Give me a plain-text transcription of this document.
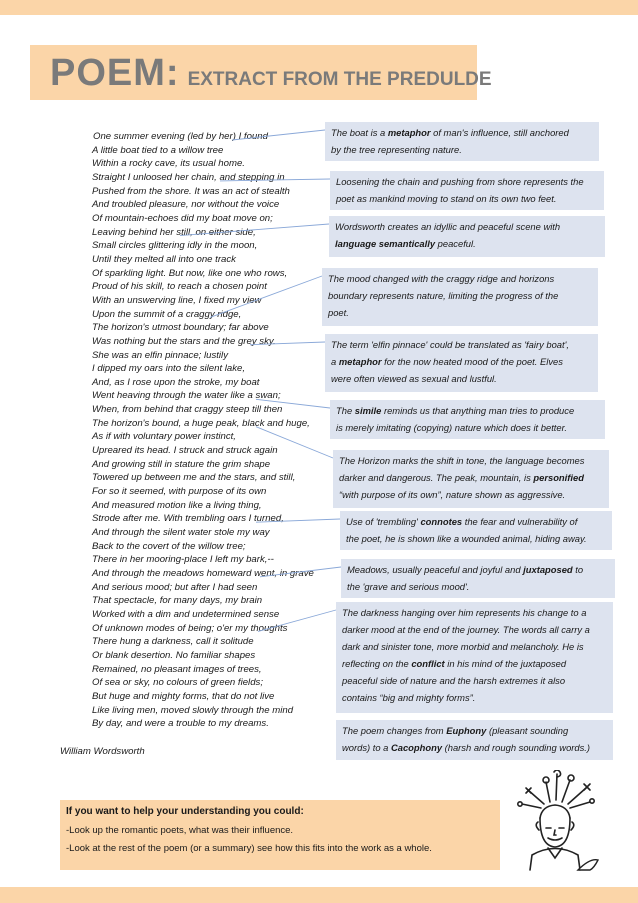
POEM: EXTRACT FROM THE PREDULDE
One summer evening (led by her) I found
A little boat tied to a willow tree
Within a rocky cave, its usual home.
Straight I unloosed her chain, and stepping in
Pushed from the shore. It was an act of stealth
And troubled pleasure, nor without the voice
Of mountain-echoes did my boat move on;
Leaving behind her still, on either side,
Small circles glittering idly in the moon,
Until they melted all into one track
Of sparkling light. But now, like one who rows,
Proud of his skill, to reach a chosen point
With an unswerving line, I fixed my view
Upon the summit of a craggy ridge,
The horizon's utmost boundary; far above
Was nothing but the stars and the grey sky.
She was an elfin pinnace; lustily
I dipped my oars into the silent lake,
And, as I rose upon the stroke, my boat
Went heaving through the water like a swan;
When, from behind that craggy steep till then
The horizon's bound, a huge peak, black and huge,
As if with voluntary power instinct,
Upreared its head. I struck and struck again
And growing still in stature the grim shape
Towered up between me and the stars, and still,
For so it seemed, with purpose of its own
And measured motion like a living thing,
Strode after me. With trembling oars I turned,
And through the silent water stole my way
Back to the covert of the willow tree;
There in her mooring-place I left my bark,--
And through the meadows homeward went, in grave
And serious mood; but after I had seen
That spectacle, for many days, my brain
Worked with a dim and undetermined sense
Of unknown modes of being; o'er my thoughts
There hung a darkness, call it solitude
Or blank desertion. No familiar shapes
Remained, no pleasant images of trees,
Of sea or sky, no colours of green fields;
But huge and mighty forms, that do not live
Like living men, moved slowly through the mind
By day, and were a trouble to my dreams.
William Wordsworth
The boat is a metaphor of man's influence, still anchored
by the tree representing nature.
Loosening the chain and pushing from shore represents the
poet as mankind moving to stand on its own two feet.
Wordsworth creates an idyllic and peaceful scene with
language semantically peaceful.
The mood changed with the craggy ridge and horizons
boundary represents nature, limiting the progress of the
poet.
The term 'elfin pinnace' could be translated as 'fairy boat',
a metaphor for the now heated mood of the poet. Elves
were often viewed as sexual and lustful.
The simile reminds us that anything man tries to produce
is merely imitating (copying) nature which does it better.
The Horizon marks the shift in tone, the language becomes
darker and dangerous. The peak, mountain, is personified
“with purpose of its own”, nature shown as aggressive.
Use of 'trembling' connotes the fear and vulnerability of
the poet, he is shown like a wounded animal, hiding away.
Meadows, usually peaceful and joyful and juxtaposed to
the 'grave and serious mood'.
The darkness hanging over him represents his change to a
darker mood at the end of the journey. The words all carry a
dark and sinister tone, more morbid and melancholy. He is
reflecting on the conflict in his mind of the juxtaposed
peaceful side of nature and the harsh extremes it also
contains “big and mighty forms”.
The poem changes from Euphony (pleasant sounding
words) to a Cacophony (harsh and rough sounding words.)
If you want to help your understanding you could:
-Look up the romantic poets, what was their influence.
-Look at the rest of the poem (or a summary) see how this fits into the work as a whole.
